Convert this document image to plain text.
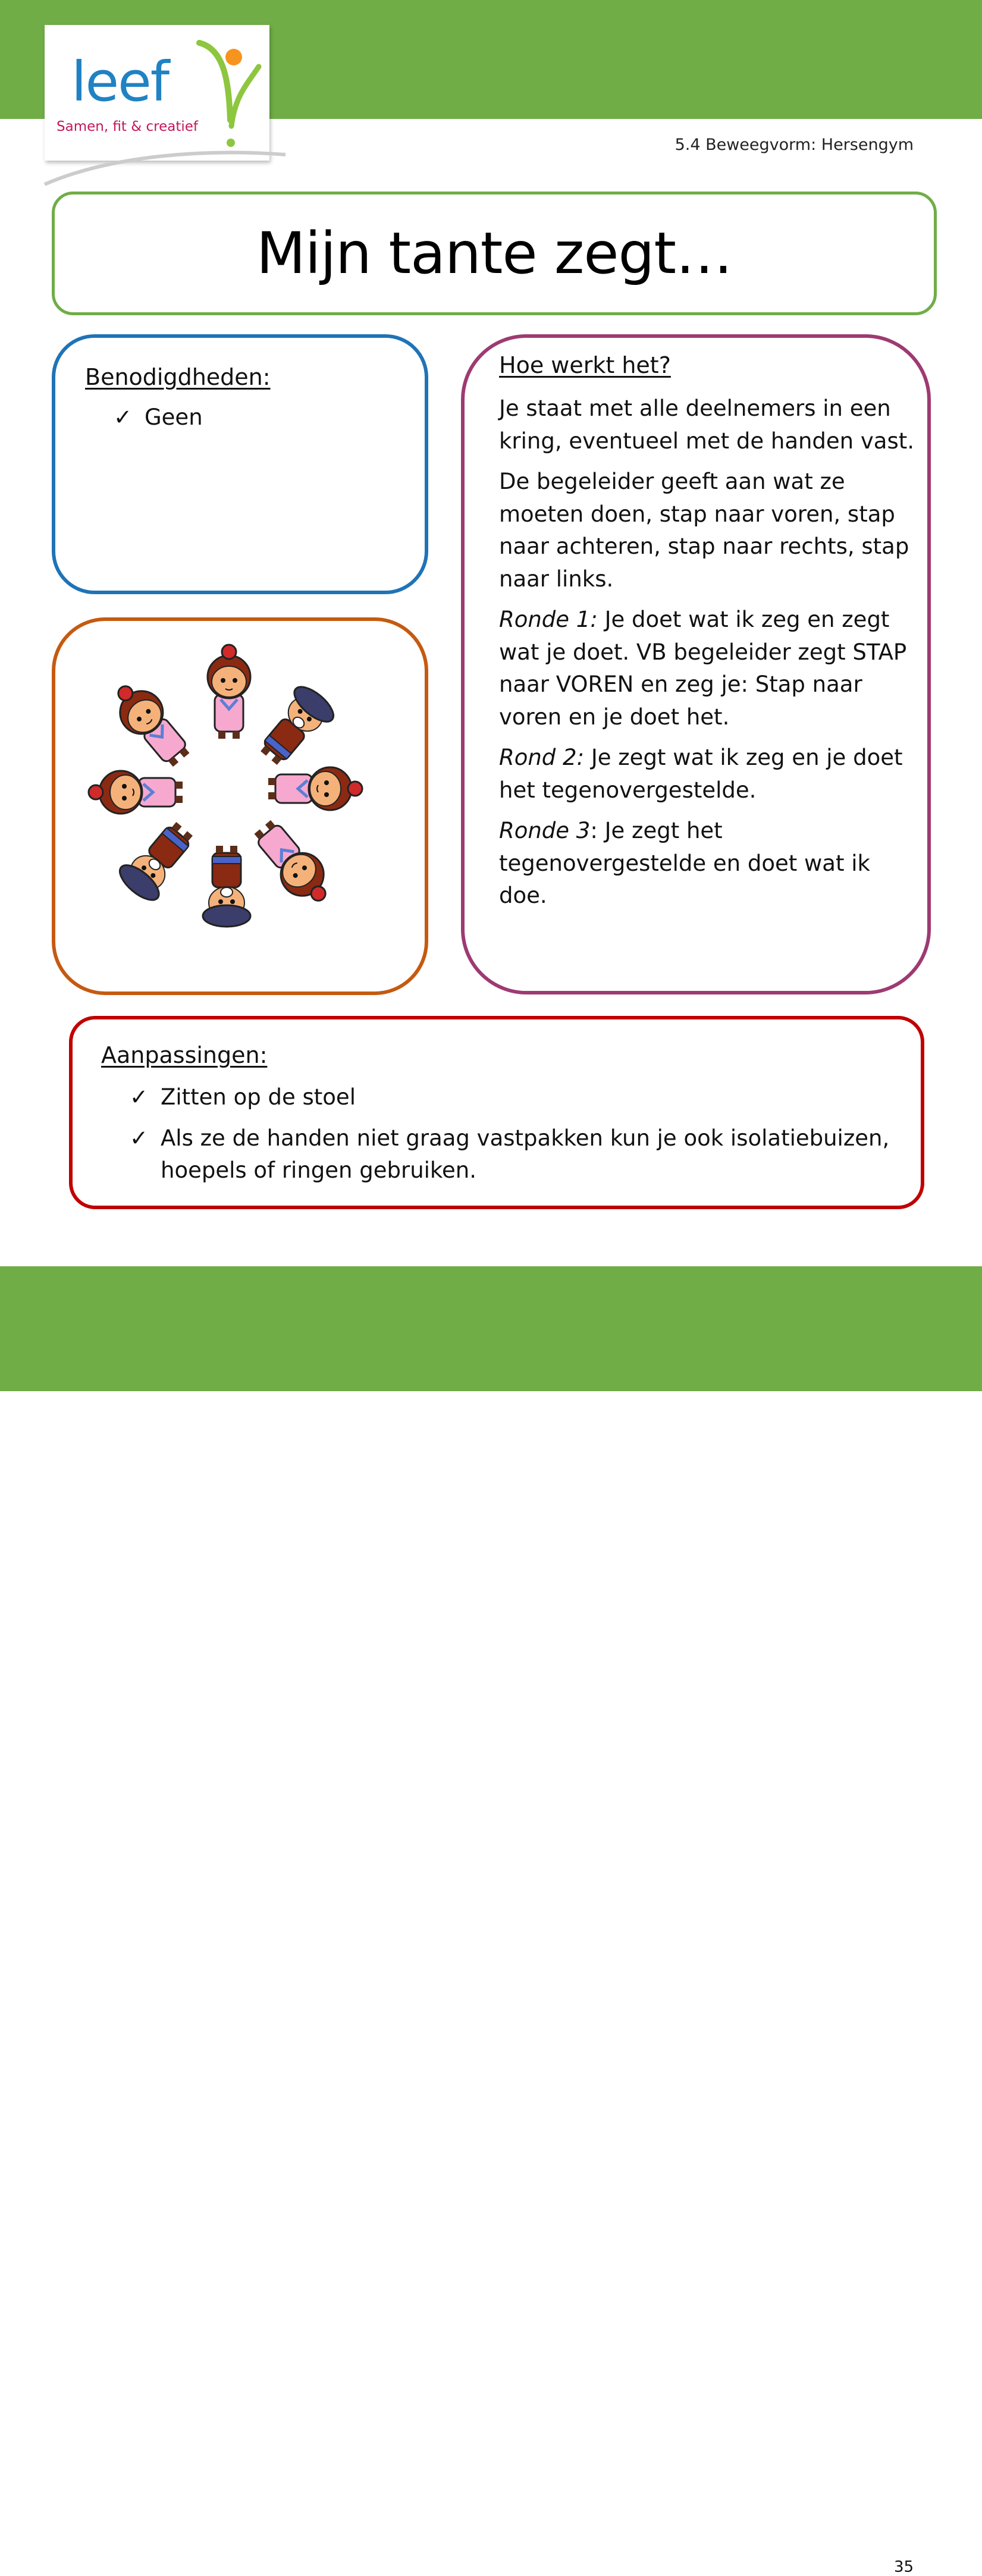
leef
Samen, fit & creatief
5.4 Beweegvorm: Hersengym
Mijn tante zegt…
Benodigdheden:
✓ Geen
Hoe werkt het?

Je staat met alle deelnemers in een kring, eventueel met de handen vast.

De begeleider geeft aan wat ze moeten doen, stap naar voren, stap naar achteren, stap naar rechts, stap naar links.

Ronde 1: Je doet wat ik zeg en zegt wat je doet. VB begeleider zegt STAP naar VOREN en zeg je: Stap naar voren en je doet het.

Rond 2: Je zegt wat ik zeg en je doet het tegenovergestelde.

Ronde 3: Je zegt het tegenovergestelde en doet wat ik doe.

Aanpassingen:
✓ Zitten op de stoel
✓ Als ze de handen niet graag vastpakken kun je ook isolatiebuizen, hoepels of ringen gebruiken.
35
